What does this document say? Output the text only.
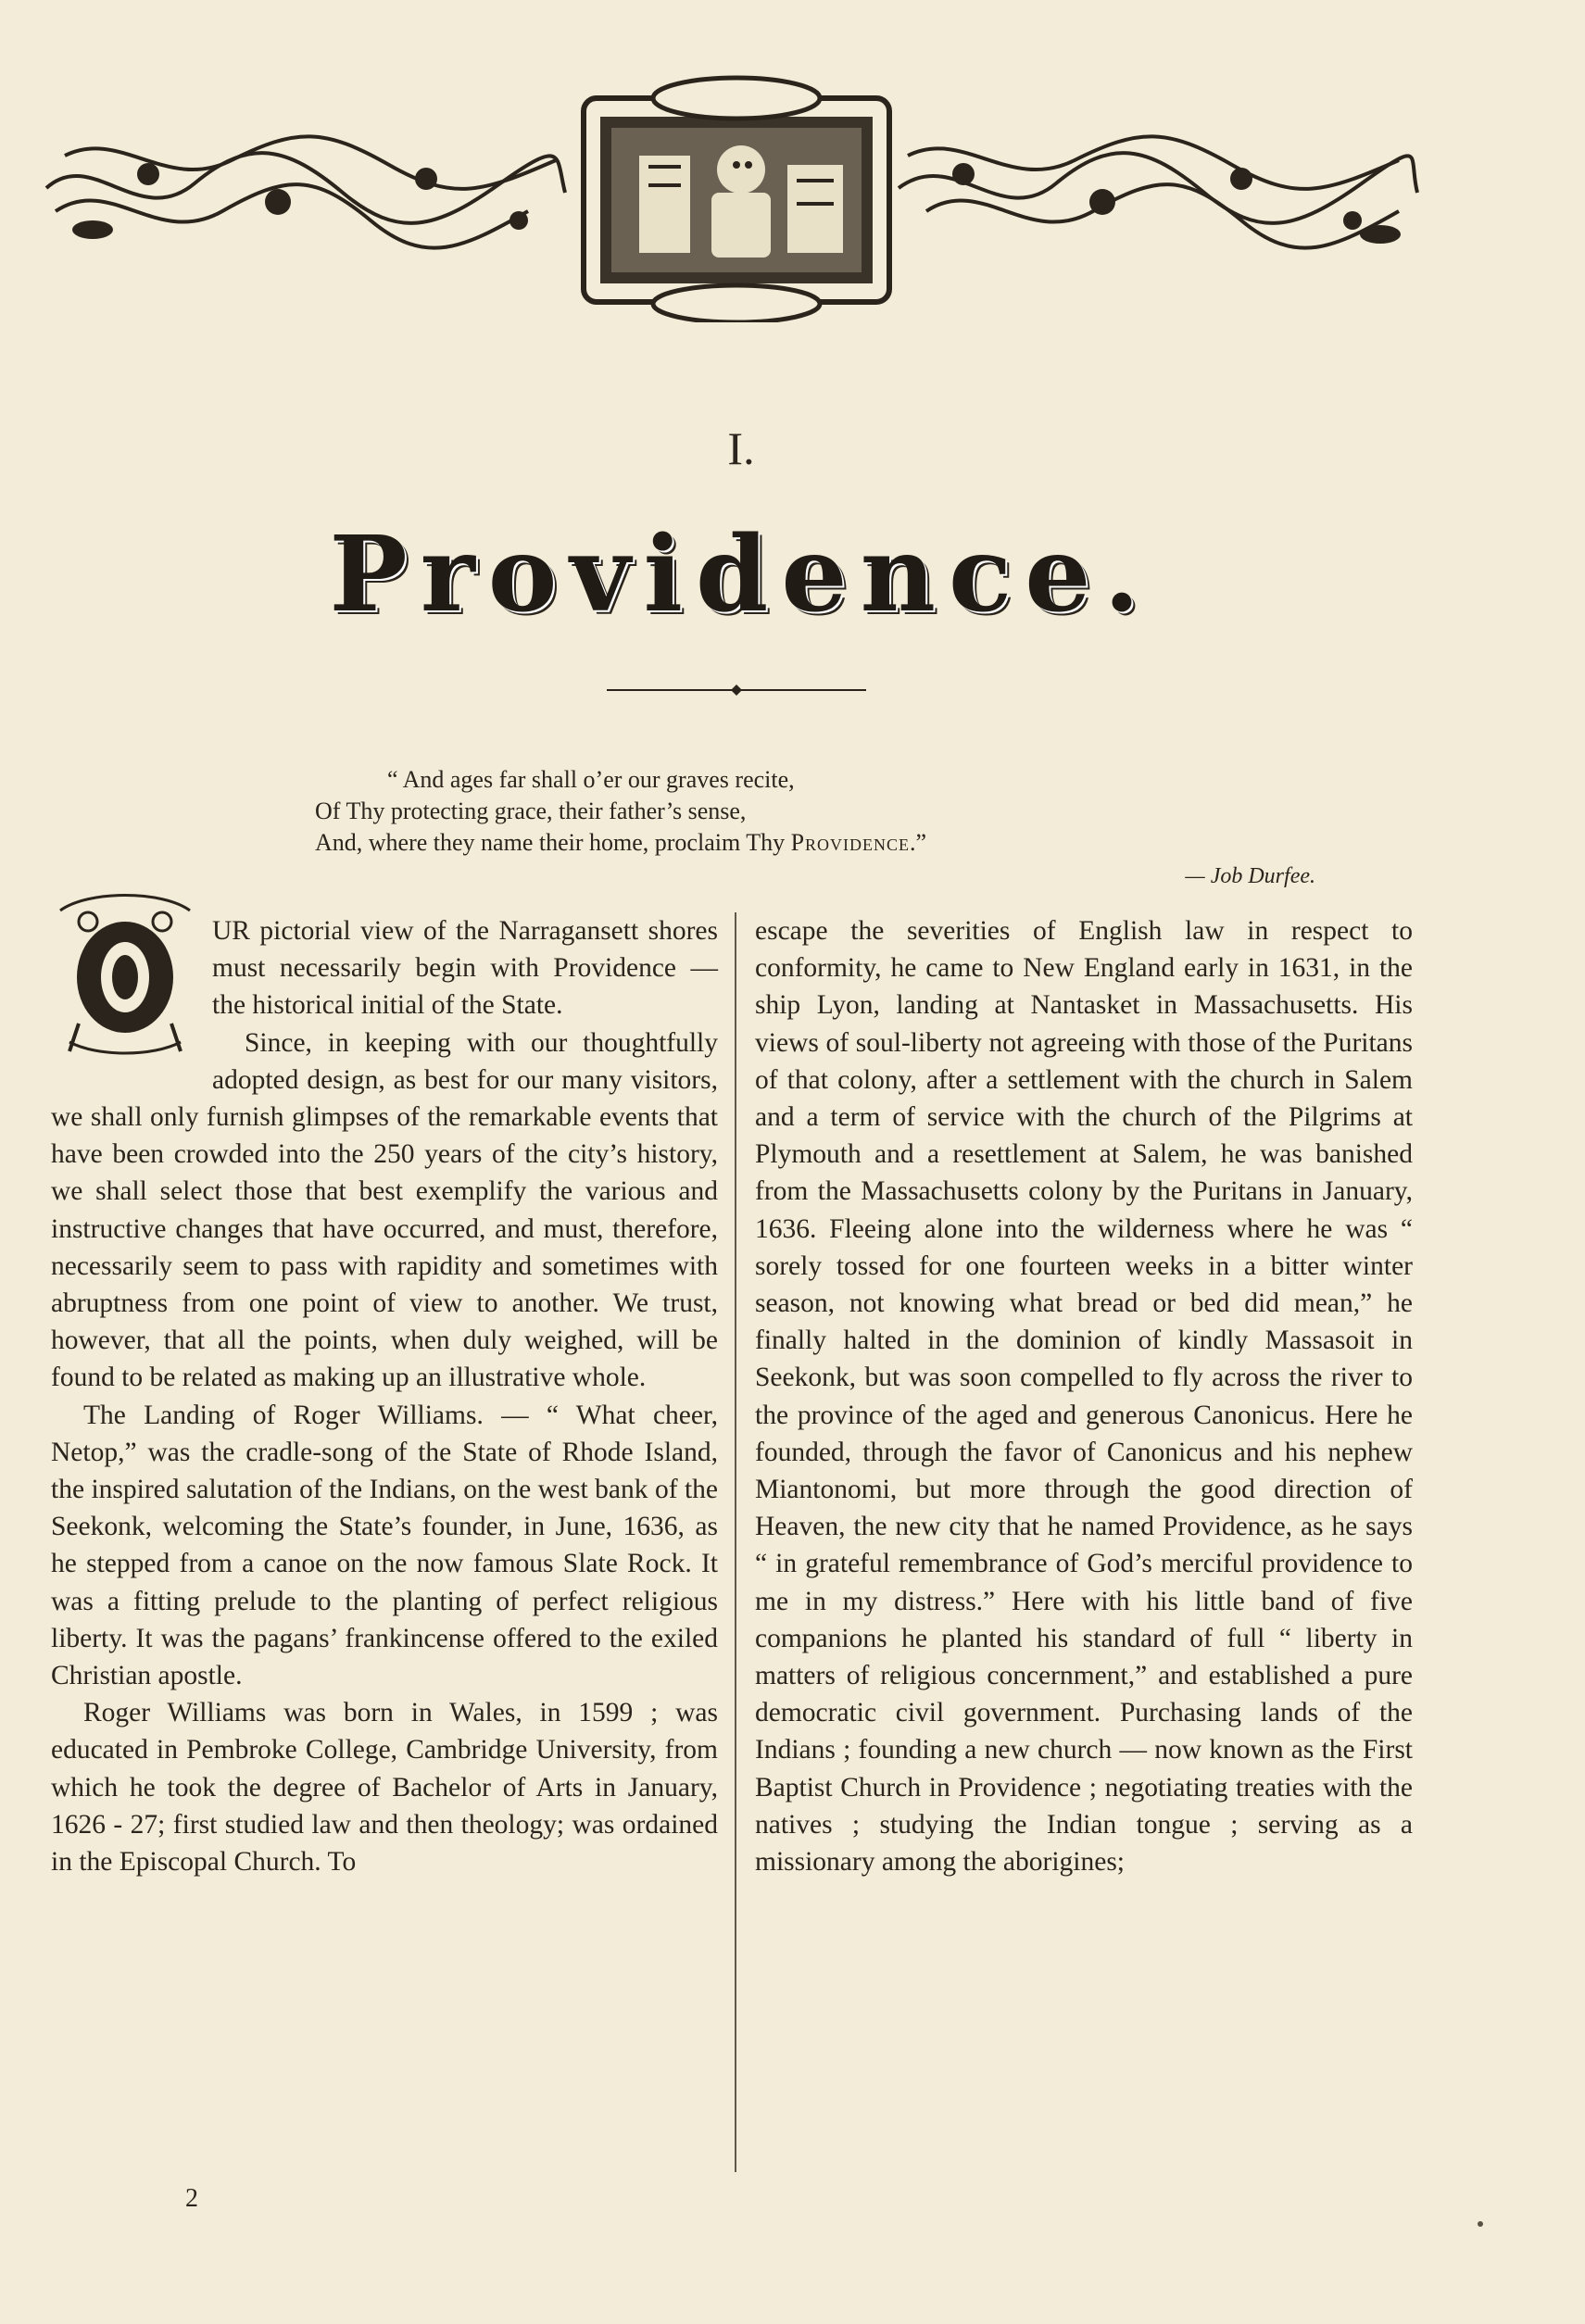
I.
Providence.
“ And ages far shall o’er our graves recite,
Of Thy protecting grace, their father’s sense,
And, where they name their home, proclaim Thy Providence.”
— Job Durfee.

UR pictorial view of the Narragansett shores must necessarily begin with Providence — the historical initial of the State.

Since, in keeping with our thoughtfully adopted design, as best for our many visitors, we shall only furnish glimpses of the remarkable events that have been crowded into the 250 years of the city’s history, we shall select those that best exemplify the various and instructive changes that have occurred, and must, therefore, necessarily seem to pass with rapidity and sometimes with abruptness from one point of view to another. We trust, however, that all the points, when duly weighed, will be found to be related as making up an illustrative whole.

The Landing of Roger Williams. — “ What cheer, Netop,” was the cradle-song of the State of Rhode Island, the inspired salutation of the Indians, on the west bank of the Seekonk, welcoming the State’s founder, in June, 1636, as he stepped from a canoe on the now famous Slate Rock. It was a fitting prelude to the planting of perfect religious liberty. It was the pagans’ frankincense offered to the exiled Christian apostle.

Roger Williams was born in Wales, in 1599 ; was educated in Pembroke College, Cambridge University, from which he took the degree of Bachelor of Arts in January, 1626 - 27; first studied law and then theology; was ordained in the Episcopal Church. To

escape the severities of English law in respect to conformity, he came to New England early in 1631, in the ship Lyon, landing at Nantasket in Massachusetts. His views of soul-liberty not agreeing with those of the Puritans of that colony, after a settlement with the church in Salem and a term of service with the church of the Pilgrims at Plymouth and a resettlement at Salem, he was banished from the Massachusetts colony by the Puritans in January, 1636. Fleeing alone into the wilderness where he was “ sorely tossed for one fourteen weeks in a bitter winter season, not knowing what bread or bed did mean,” he finally halted in the dominion of kindly Massasoit in Seekonk, but was soon compelled to fly across the river to the province of the aged and generous Canonicus. Here he founded, through the favor of Canonicus and his nephew Miantonomi, but more through the good direction of Heaven, the new city that he named Providence, as he says “ in grateful remembrance of God’s merciful providence to me in my distress.” Here with his little band of five companions he planted his standard of full “ liberty in matters of religious concernment,” and established a pure democratic civil government. Purchasing lands of the Indians ; founding a new church — now known as the First Baptist Church in Providence ; negotiating treaties with the natives ; studying the Indian tongue ; serving as a missionary among the aborigines;

2
